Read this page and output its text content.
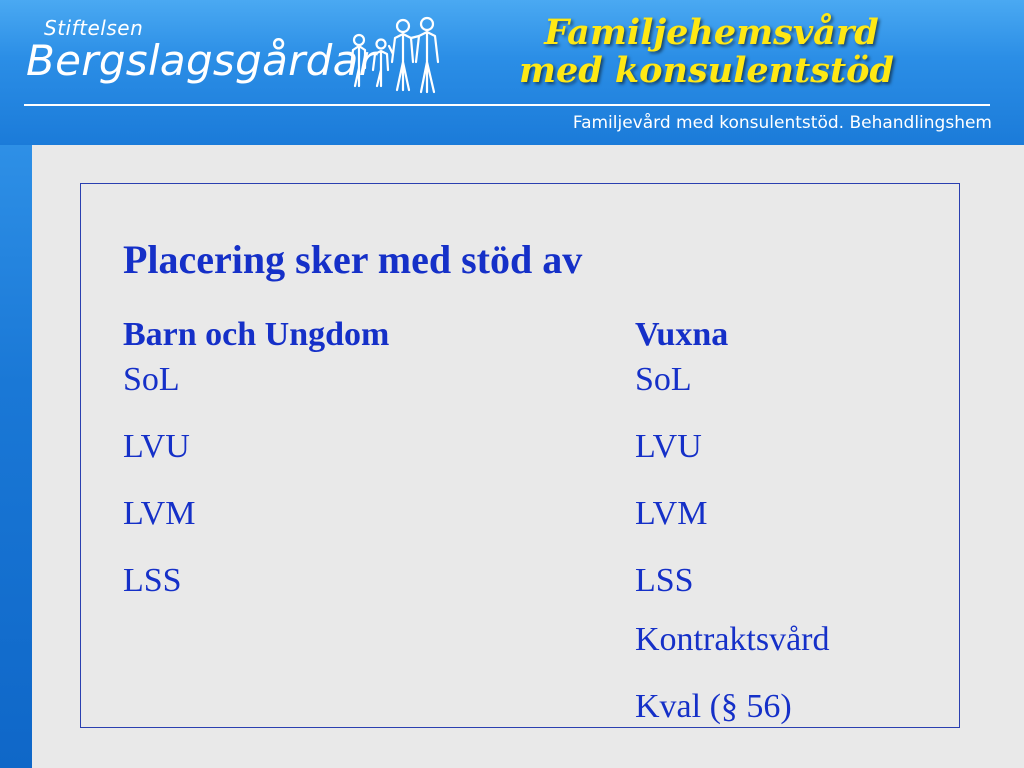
Stiftelsen
Bergslagsgårdar
Familjehemsvård
med konsulentstöd
Familjevård med konsulentstöd. Behandlingshem
Placering sker med stöd av
Barn och Ungdom
SoL
LVU
LVM
LSS
Vuxna
SoL
LVU
LVM
LSS
Kontraktsvård
Kval (§ 56)
